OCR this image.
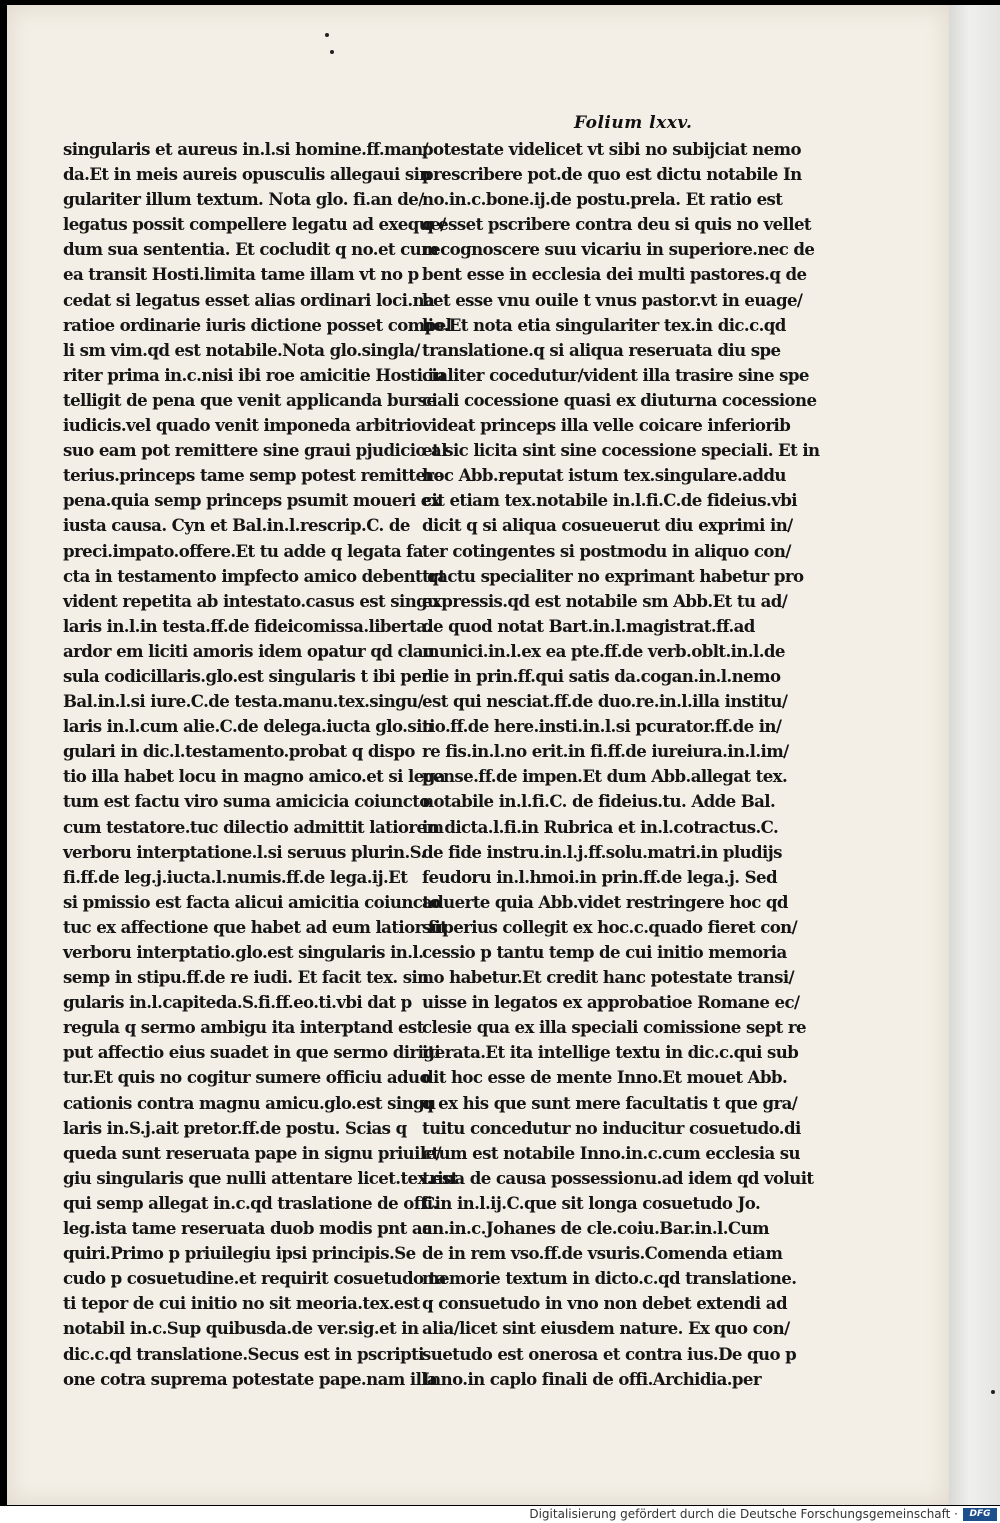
Folium lxxv.
singularis et aureus in.l.si homine.ff.man/
da.Et in meis aureis opusculis allegaui sin
gulariter illum textum. Nota glo. fi.an de/
legatus possit compellere legatu ad exeque/
dum sua sententia. Et cocludit q no.et cum
ea transit Hosti.limita tame illam vt no p
cedat si legatus esset alias ordinari loci.na
ratioe ordinarie iuris dictione posset compel
li sm vim.qd est notabile.Nota glo.singla/
riter prima in.c.nisi ibi roe amicitie Hosti.in
telligit de pena que venit applicanda burse
iudicis.vel quado venit imponeda arbitrio
suo eam pot remittere sine graui pjudicio al
terius.princeps tame semp potest remittere
pena.quia semp princeps psumit moueri ex
iusta causa. Cyn et Bal.in.l.rescrip.C. de
preci.impato.offere.Et tu adde q legata fa
cta in testamento impfecto amico debent qt
vident repetita ab intestato.casus est singu
laris in.l.in testa.ff.de fideicomissa.liberta.
ardor em liciti amoris idem opatur qd clau
sula codicillaris.glo.est singularis t ibi per
Bal.in.l.si iure.C.de testa.manu.tex.singu/
laris in.l.cum alie.C.de delega.iucta glo.sin
gulari in dic.l.testamento.probat q dispo
tio illa habet locu in magno amico.et si lega
tum est factu viro suma amicicia coiuncto
cum testatore.tuc dilectio admittit latiorem
verboru interptatione.l.si seruus plurin.S.
fi.ff.de leg.j.iucta.l.numis.ff.de lega.ij.Et
si pmissio est facta alicui amicitia coiuncto
tuc ex affectione que habet ad eum latior fit
verboru interptatio.glo.est singularis in.l.
semp in stipu.ff.de re iudi. Et facit tex. sin
gularis in.l.capiteda.S.fi.ff.eo.ti.vbi dat p
regula q sermo ambigu ita interptand est
put affectio eius suadet in que sermo dirigi
tur.Et quis no cogitur sumere officiu aduo
cationis contra magnu amicu.glo.est singu
laris in.S.j.ait pretor.ff.de postu. Scias q
queda sunt reseruata pape in signu priuile/
giu singularis que nulli attentare licet.tex.est
qui semp allegat in.c.qd traslatione de offi.
leg.ista tame reseruata duob modis pnt ac
quiri.Primo p priuilegiu ipsi principis.Se
cudo p cosuetudine.et requirit cosuetudo ta
ti tepor de cui initio no sit meoria.tex.est
notabil in.c.Sup quibusda.de ver.sig.et in
dic.c.qd translatione.Secus est in pscripti
one cotra suprema potestate pape.nam illa
potestate videlicet vt sibi no subijciat nemo
prescribere pot.de quo est dictu notabile In
no.in.c.bone.ij.de postu.prela. Et ratio est
q esset pscribere contra deu si quis no vellet
recognoscere suu vicariu in superiore.nec de
bent esse in ecclesia dei multi pastores.q de
bet esse vnu ouile t vnus pastor.vt in euage/
lio.Et nota etia singulariter tex.in dic.c.qd
translatione.q si aliqua reseruata diu spe
cialiter cocedutur/vident illa trasire sine spe
ciali cocessione quasi ex diuturna cocessione
videat princeps illa velle coicare inferiorib
et sic licita sint sine cocessione speciali. Et in
hoc Abb.reputat istum tex.singulare.addu
cit etiam tex.notabile in.l.fi.C.de fideius.vbi
dicit q si aliqua cosueuerut diu exprimi in/
ter cotingentes si postmodu in aliquo con/
tractu specialiter no exprimant habetur pro
expressis.qd est notabile sm Abb.Et tu ad/
de quod notat Bart.in.l.magistrat.ff.ad
munici.in.l.ex ea pte.ff.de verb.oblt.in.l.de
die in prin.ff.qui satis da.cogan.in.l.nemo
est qui nesciat.ff.de duo.re.in.l.illa institu/
tio.ff.de here.insti.in.l.si pcurator.ff.de in/
re fis.in.l.no erit.in fi.ff.de iureiura.in.l.im/
pense.ff.de impen.Et dum Abb.allegat tex.
notabile in.l.fi.C. de fideius.tu. Adde Bal.
in dicta.l.fi.in Rubrica et in.l.cotractus.C.
de fide instru.in.l.j.ff.solu.matri.in pludijs
feudoru in.l.hmoi.in prin.ff.de lega.j. Sed
aduerte quia Abb.videt restringere hoc qd
superius collegit ex hoc.c.quado fieret con/
cessio p tantu temp de cui initio memoria
no habetur.Et credit hanc potestate transi/
uisse in legatos ex approbatioe Romane ec/
clesie qua ex illa speciali comissione sept re
iterata.Et ita intellige textu in dic.c.qui sub
dit hoc esse de mente Inno.Et mouet Abb.
q ex his que sunt mere facultatis t que gra/
tuitu concedutur no inducitur cosuetudo.di
ctum est notabile Inno.in.c.cum ecclesia su
trina de causa possessionu.ad idem qd voluit
Cin in.l.ij.C.que sit longa cosuetudo Jo.
an.in.c.Johanes de cle.coiu.Bar.in.l.Cum
de in rem vso.ff.de vsuris.Comenda etiam
memorie textum in dicto.c.qd translatione.
q consuetudo in vno non debet extendi ad
alia/licet sint eiusdem nature. Ex quo con/
suetudo est onerosa et contra ius.De quo p
Inno.in caplo finali de offi.Archidia.per
Digitalisierung gefördert durch die Deutsche Forschungsgemeinschaft ·	DFG
